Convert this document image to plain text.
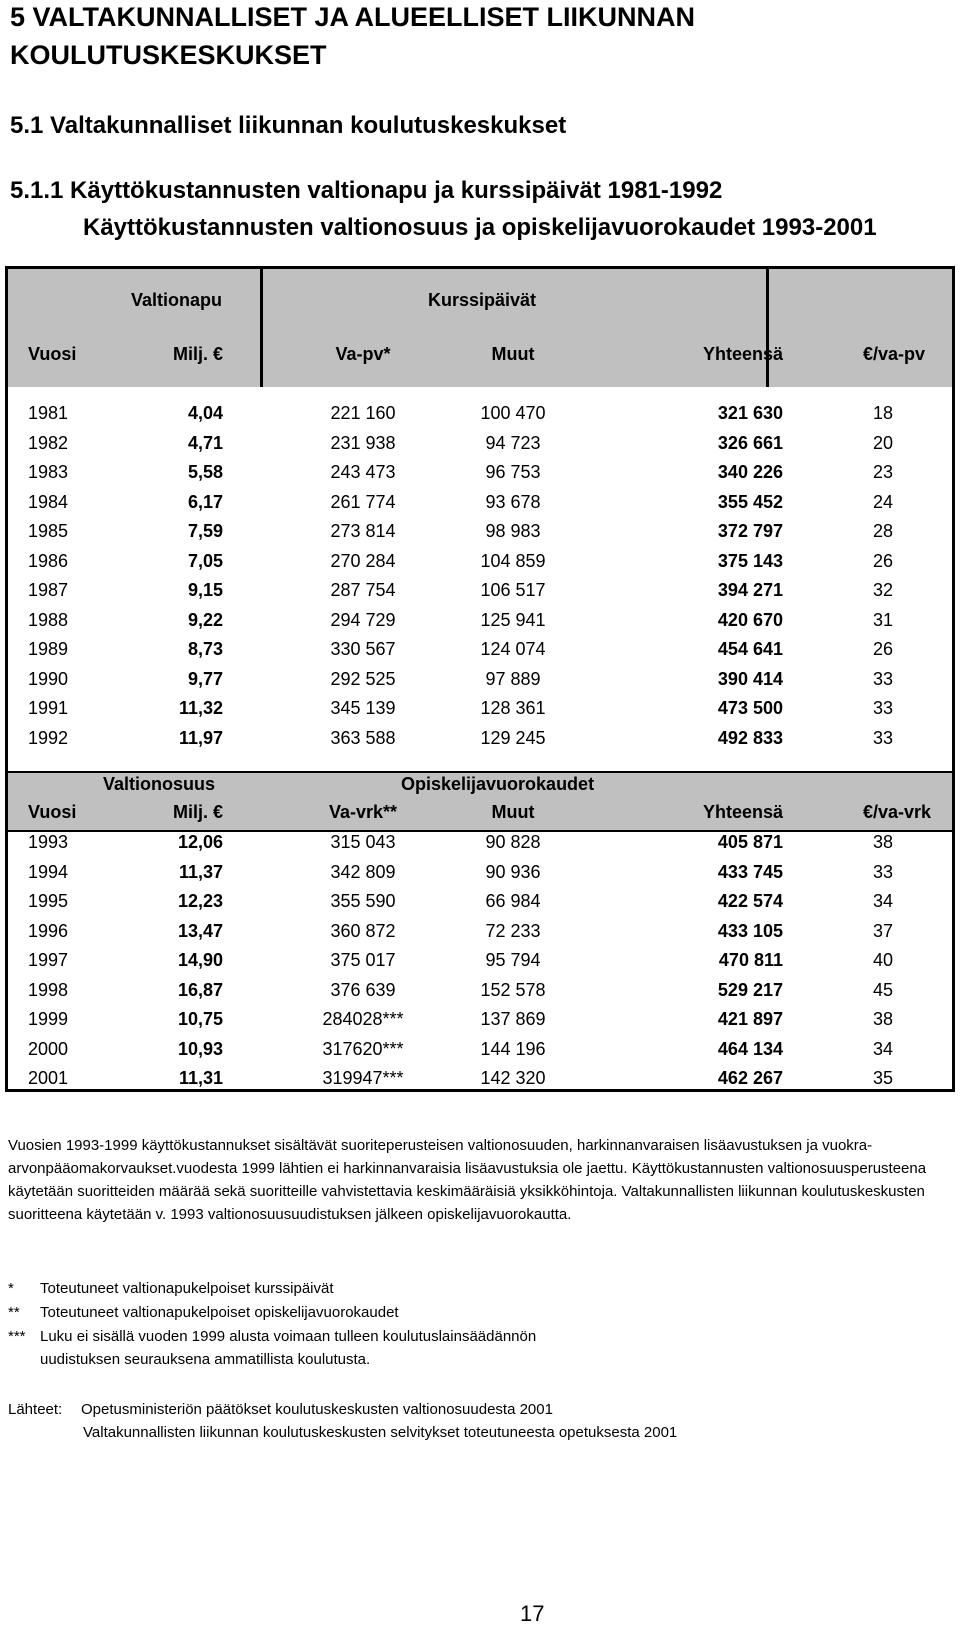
5 VALTAKUNNALLISET JA ALUEELLISET LIIKUNNAN
KOULUTUSKESKUKSET
5.1 Valtakunnalliset liikunnan koulutuskeskukset
5.1.1 Käyttökustannusten valtionapu ja kurssipäivät 1981-1992
Käyttökustannusten valtionosuus ja opiskelijavuorokaudet 1993-2001
Valtionapu	Kurssipäivät
Vuosi	Milj. €	Va-pv*	Muut	Yhteensä	€/va-pv
1981	4,04	221 160	100 470	321 630	18
1982	4,71	231 938	94 723	326 661	20
1983	5,58	243 473	96 753	340 226	23
1984	6,17	261 774	93 678	355 452	24
1985	7,59	273 814	98 983	372 797	28
1986	7,05	270 284	104 859	375 143	26
1987	9,15	287 754	106 517	394 271	32
1988	9,22	294 729	125 941	420 670	31
1989	8,73	330 567	124 074	454 641	26
1990	9,77	292 525	97 889	390 414	33
1991	11,32	345 139	128 361	473 500	33
1992	11,97	363 588	129 245	492 833	33
Valtionosuus	Opiskelijavuorokaudet
Vuosi	Milj. €	Va-vrk**	Muut	Yhteensä	€/va-vrk
1993	12,06	315 043	90 828	405 871	38
1994	11,37	342 809	90 936	433 745	33
1995	12,23	355 590	66 984	422 574	34
1996	13,47	360 872	72 233	433 105	37
1997	14,90	375 017	95 794	470 811	40
1998	16,87	376 639	152 578	529 217	45
1999	10,75	284028***	137 869	421 897	38
2000	10,93	317620***	144 196	464 134	34
2001	11,31	319947***	142 320	462 267	35

Vuosien 1993-1999 käyttökustannukset sisältävät suoriteperusteisen valtionosuuden, harkinnanvaraisen lisäavustuksen ja vuokra-arvonpääomakorvaukset.vuodesta 1999 lähtien ei harkinnanvaraisia lisäavustuksia ole jaettu. Käyttökustannusten valtionosuusperusteena käytetään suoritteiden määrää sekä suoritteille vahvistettavia keskimääräisiä yksikköhintoja. Valtakunnallisten liikunnan koulutuskeskusten suoritteena käytetään v. 1993 valtionosuusuudistuksen jälkeen opiskelijavuorokautta.

* Toteutuneet valtionapukelpoiset kurssipäivät
** Toteutuneet valtionapukelpoiset opiskelijavuorokaudet
*** Luku ei sisällä vuoden 1999 alusta voimaan tulleen koulutuslainsäädännön
uudistuksen seurauksena ammatillista koulutusta.
Lähteet: Opetusministeriön päätökset koulutuskeskusten valtionosuudesta 2001
Valtakunnallisten liikunnan koulutuskeskusten selvitykset toteutuneesta opetuksesta 2001
17
